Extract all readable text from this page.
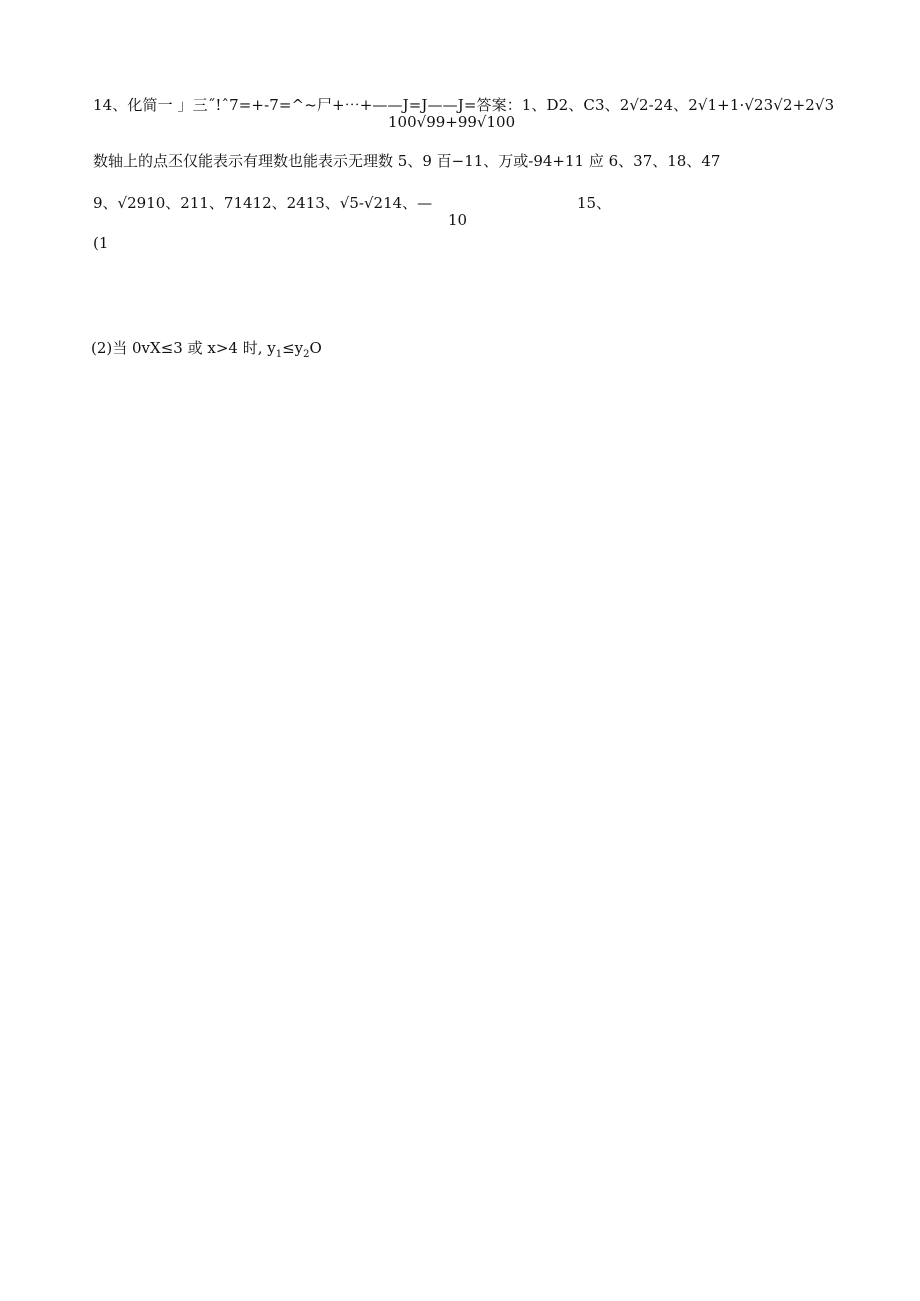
14、化简一 」三˝!ˆ7=+-7=^~尸+⋯+——J=J——J=答案：1、D2、C3、2√2-24、2√1+1·√23√2+2√3
100√99+99√100
数轴上的点丕仅能表示有理数也能表示无理数 5、9 百−11、万或-94+11 应 6、37、18、47
9、√2910、211、71412、2413、√5-√214、—
10
15、
(1
(2)当 0vX≤3 或 x>4 时, $y_1\le y_2O$
